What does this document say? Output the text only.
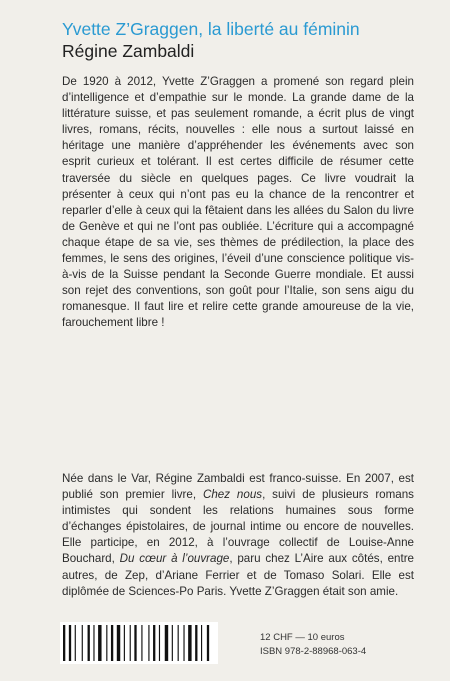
Yvette Z’Graggen, la liberté au féminin
Régine Zambaldi

De 1920 à 2012, Yvette Z’Graggen a promené son regard plein d’intelligence et d’empathie sur le monde. La grande dame de la littérature suisse, et pas seulement romande, a écrit plus de vingt livres, romans, récits, nouvelles : elle nous a surtout laissé en héritage une manière d’appréhender les événements avec son esprit curieux et tolérant. Il est certes difficile de résumer cette traversée du siècle en quelques pages. Ce livre voudrait la présenter à ceux qui n’ont pas eu la chance de la rencontrer et reparler d’elle à ceux qui la fêtaient dans les allées du Salon du livre de Genève et qui ne l’ont pas oubliée. L’écriture qui a accompagné chaque étape de sa vie, ses thèmes de prédilection, la place des femmes, le sens des origines, l’éveil d’une conscience politique vis-à-vis de la Suisse pendant la Seconde Guerre mondiale. Et aussi son rejet des conventions, son goût pour l’Italie, son sens aigu du romanesque. Il faut lire et relire cette grande amoureuse de la vie, farouchement libre !

Née dans le Var, Régine Zambaldi est franco-suisse. En 2007, est publié son premier livre, Chez nous, suivi de plusieurs romans intimistes qui sondent les relations humaines sous forme d’échanges épistolaires, de journal intime ou encore de nouvelles. Elle participe, en 2012, à l’ouvrage collectif de Louise-Anne Bouchard, Du cœur à l’ouvrage, paru chez L’Aire aux côtés, entre autres, de Zep, d’Ariane Ferrier et de Tomaso Solari. Elle est diplômée de Sciences-Po Paris. Yvette Z’Graggen était son amie.

12 CHF — 10 euros
ISBN 978-2-88968-063-4
